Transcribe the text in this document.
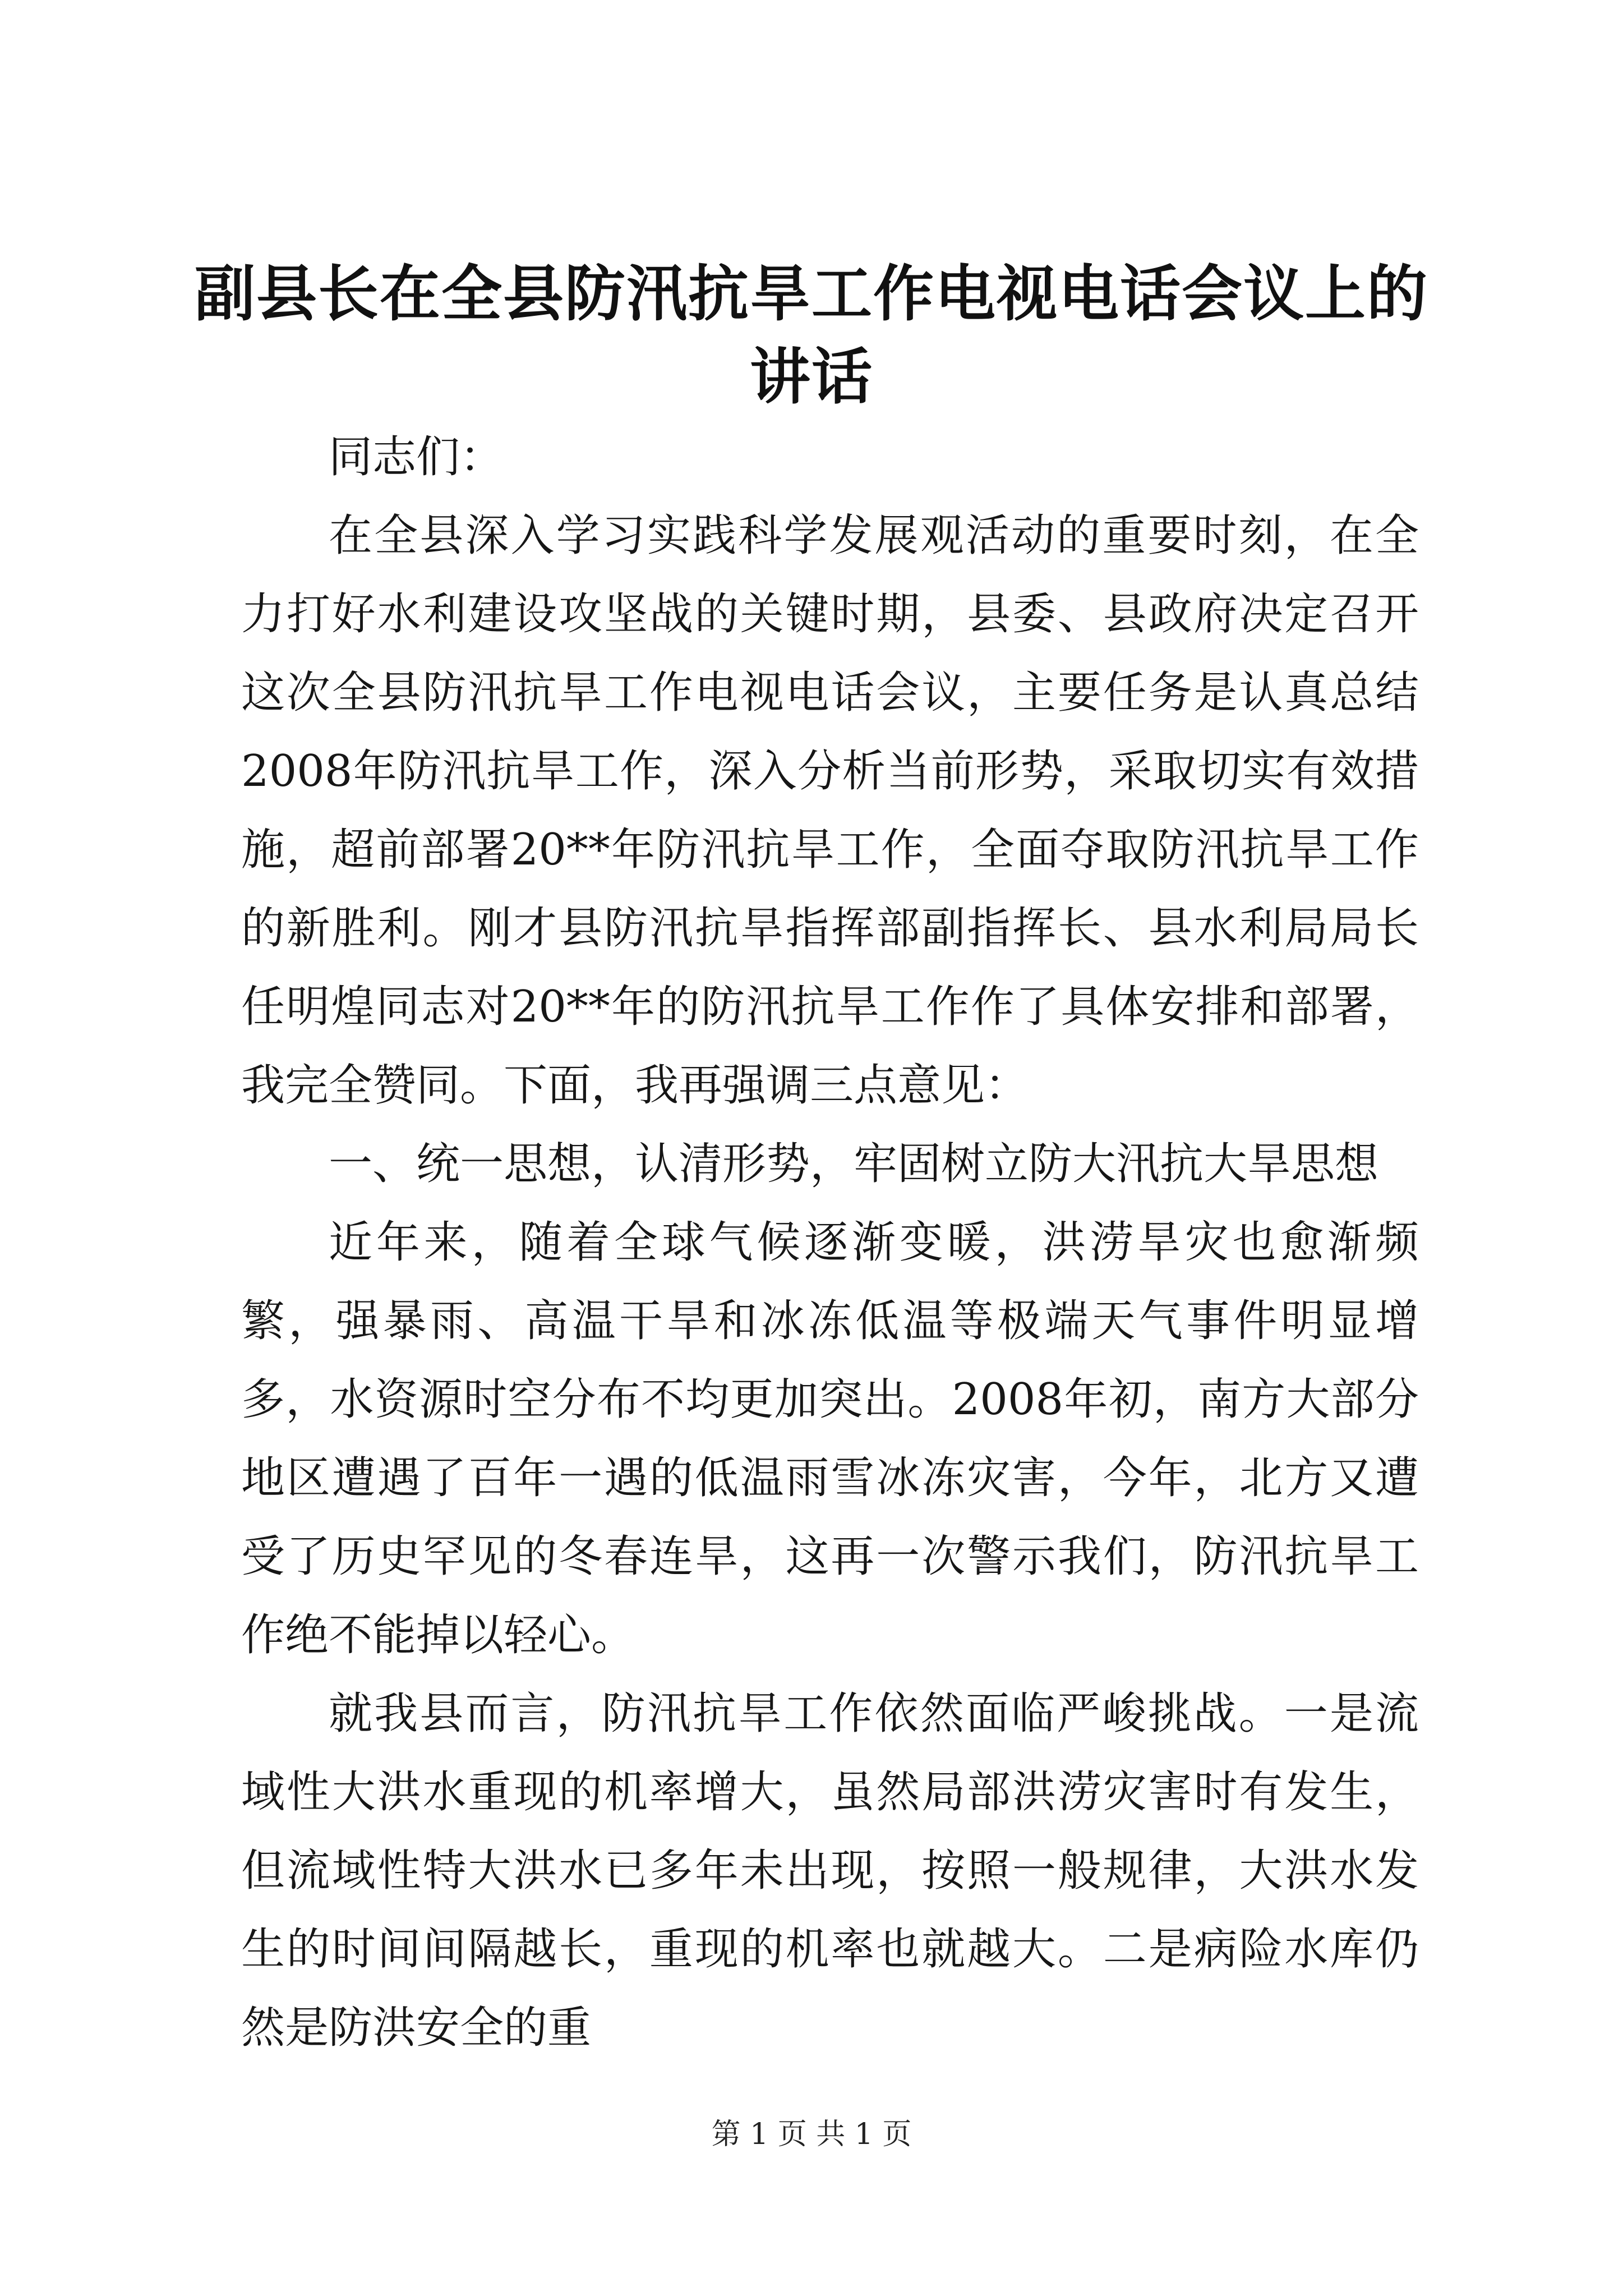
副县长在全县防汛抗旱工作电视电话会议上的讲话

同志们：

在全县深入学习实践科学发展观活动的重要时刻，在全力打好水利建设攻坚战的关键时期，县委、县政府决定召开这次全县防汛抗旱工作电视电话会议，主要任务是认真总结2008年防汛抗旱工作，深入分析当前形势，采取切实有效措施，超前部署20**年防汛抗旱工作，全面夺取防汛抗旱工作的新胜利。刚才县防汛抗旱指挥部副指挥长、县水利局局长任明煌同志对20**年的防汛抗旱工作作了具体安排和部署，我完全赞同。下面，我再强调三点意见：

一、统一思想，认清形势，牢固树立防大汛抗大旱思想

近年来，随着全球气候逐渐变暖，洪涝旱灾也愈渐频繁，强暴雨、高温干旱和冰冻低温等极端天气事件明显增多，水资源时空分布不均更加突出。2008年初，南方大部分地区遭遇了百年一遇的低温雨雪冰冻灾害，今年，北方又遭受了历史罕见的冬春连旱，这再一次警示我们，防汛抗旱工作绝不能掉以轻心。

就我县而言，防汛抗旱工作依然面临严峻挑战。一是流域性大洪水重现的机率增大，虽然局部洪涝灾害时有发生，但流域性特大洪水已多年未出现，按照一般规律，大洪水发生的时间间隔越长，重现的机率也就越大。二是病险水库仍然是防洪安全的重

第 1 页 共 1 页
